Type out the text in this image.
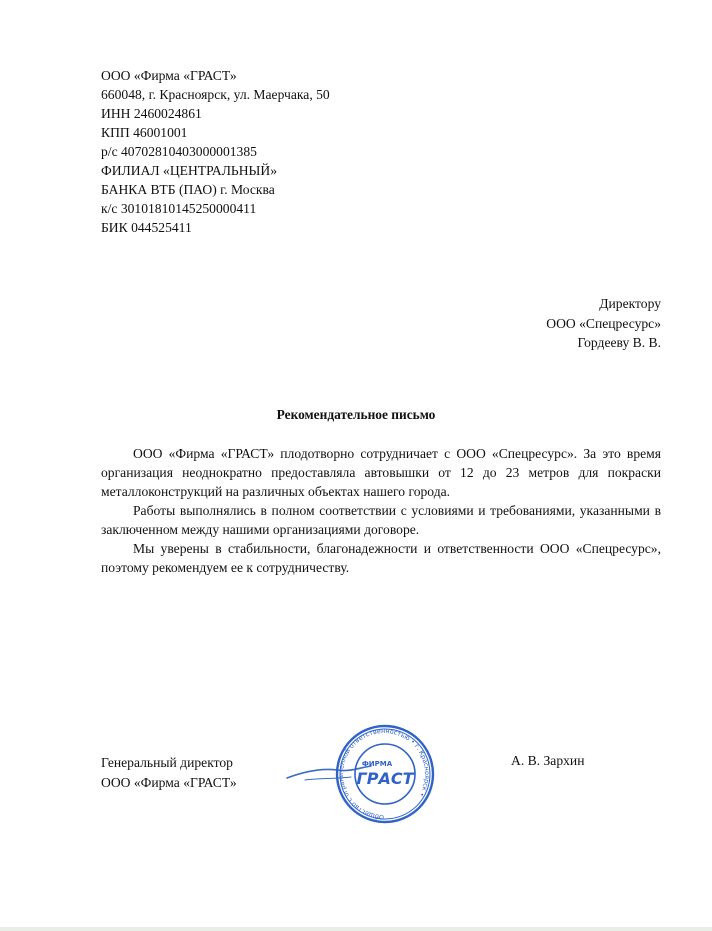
ООО «Фирма «ГРАСТ»
660048, г. Красноярск, ул. Маерчака, 50
ИНН 2460024861
КПП 46001001
р/с 40702810403000001385
ФИЛИАЛ «ЦЕНТРАЛЬНЫЙ»
БАНКА ВТБ (ПАО) г. Москва
к/с 30101810145250000411
БИК 044525411
Директору
ООО «Спецресурс»
Гордееву В. В.
Рекомендательное письмо

ООО «Фирма «ГРАСТ» плодотворно сотрудничает с ООО «Спецресурс». За это время организация неоднократно предоставляла автовышки от 12 до 23 метров для покраски металлоконструкций на различных объектах нашего города.

Работы выполнялись в полном соответствии с условиями и требованиями, указанными в заключенном между нашими организациями договоре.

Мы уверены в стабильности, благонадежности и ответственности ООО «Спецресурс», поэтому рекомендуем ее к сотрудничеству.

Генеральный директор
ООО «Фирма «ГРАСТ»
А. В. Зархин
Общество с ограниченной ответственностью • г. Красноярск •
ФИРМА
ГРАСТ
